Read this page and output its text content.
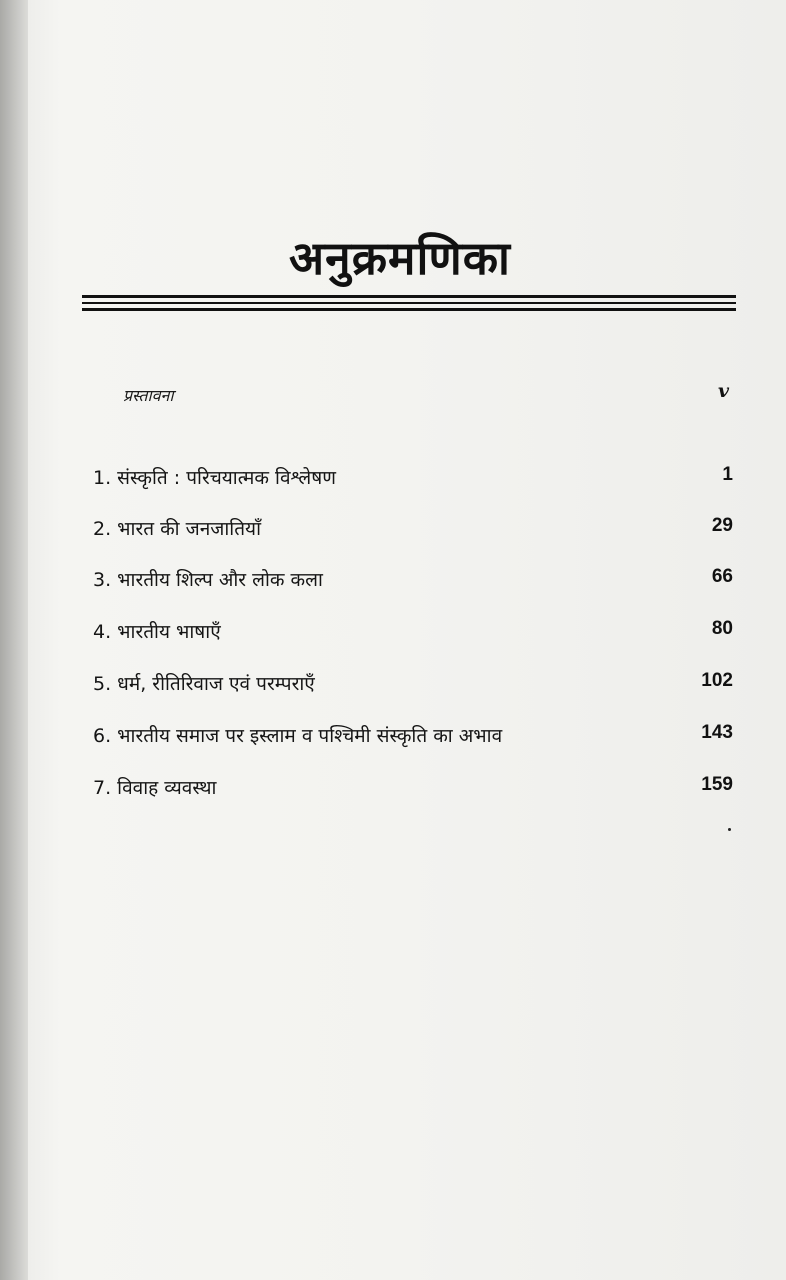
अनुक्रमणिका
प्रस्तावना	v
1. संस्कृति : परिचयात्मक विश्लेषण	1
2. भारत की जनजातियाँ	29
3. भारतीय शिल्प और लोक कला	66
4. भारतीय भाषाएँ	80
5. धर्म, रीतिरिवाज एवं परम्पराएँ	102
6. भारतीय समाज पर इस्लाम व पश्चिमी संस्कृति का अभाव	143
7. विवाह व्यवस्था	159
